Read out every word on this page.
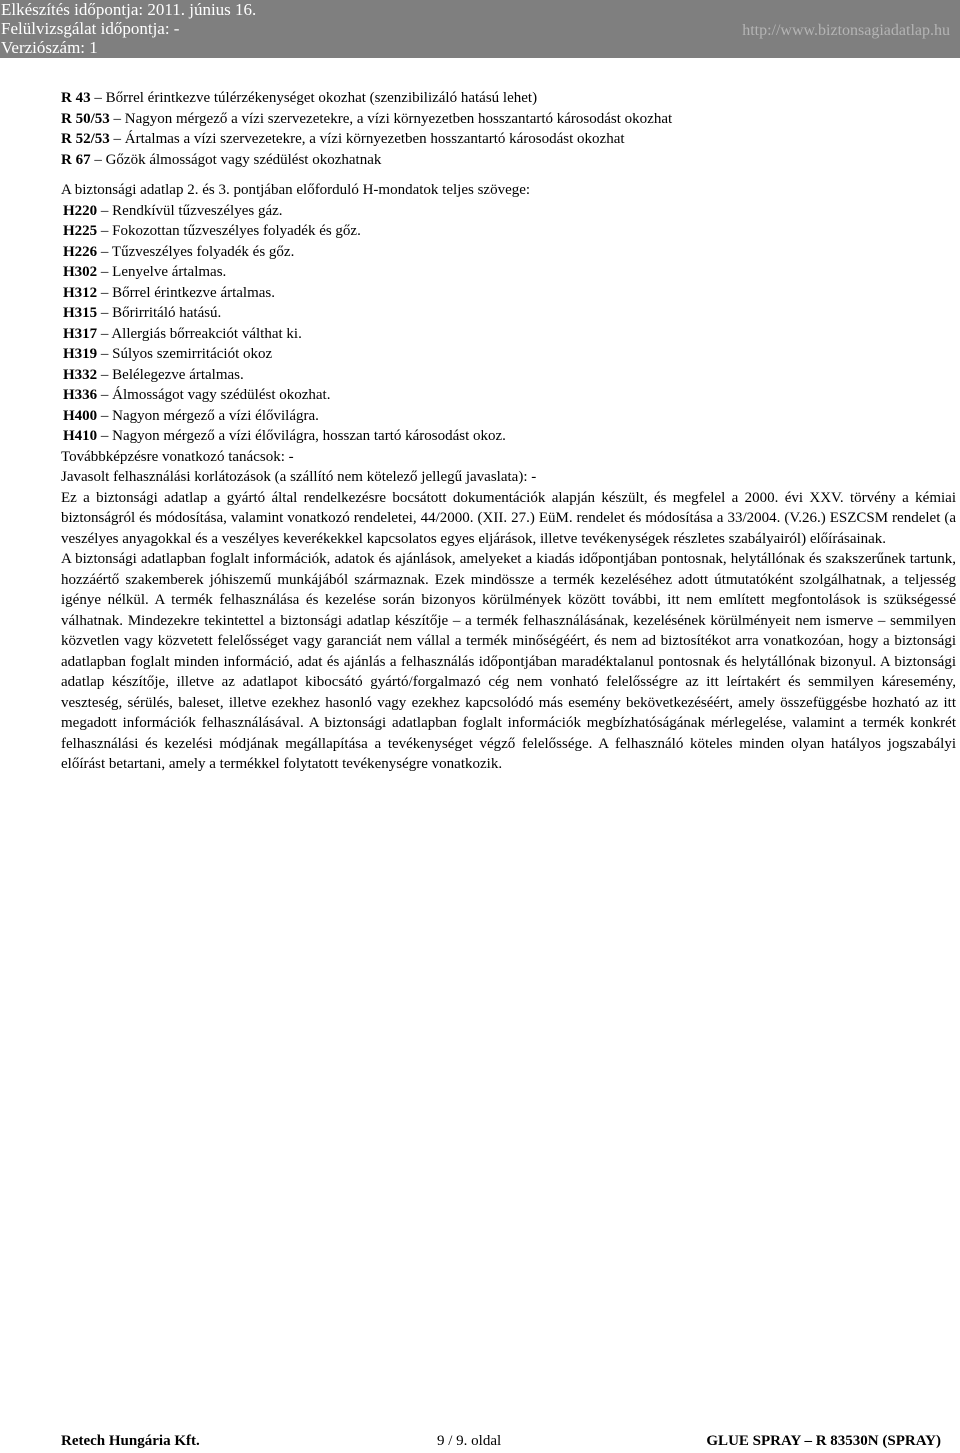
Elkészítés időpontja: 2011. június 16.
Felülvizsgálat időpontja: -
Verziószám: 1
http://www.biztonsagiadatlap.hu
R 43 – Bőrrel érintkezve túlérzékenységet okozhat (szenzibilizáló hatású lehet)
R 50/53 – Nagyon mérgező a vízi szervezetekre, a vízi környezetben hosszantartó károsodást okozhat
R 52/53 – Ártalmas a vízi szervezetekre, a vízi környezetben hosszantartó károsodást okozhat
R 67 – Gőzök álmosságot vagy szédülést okozhatnak
A biztonsági adatlap 2. és 3. pontjában előforduló H-mondatok teljes szövege:
H220 – Rendkívül tűzveszélyes gáz.
H225 – Fokozottan tűzveszélyes folyadék és gőz.
H226 – Tűzveszélyes folyadék és gőz.
H302 – Lenyelve ártalmas.
H312 – Bőrrel érintkezve ártalmas.
H315 – Bőrirritáló hatású.
H317 – Allergiás bőrreakciót válthat ki.
H319 – Súlyos szemirritációt okoz
H332 – Belélegezve ártalmas.
H336 – Álmosságot vagy szédülést okozhat.
H400 – Nagyon mérgező a vízi élővilágra.
H410 – Nagyon mérgező a vízi élővilágra, hosszan tartó károsodást okoz.
Továbbképzésre vonatkozó tanácsok: -
Javasolt felhasználási korlátozások (a szállító nem kötelező jellegű javaslata): -

Ez a biztonsági adatlap a gyártó által rendelkezésre bocsátott dokumentációk alapján készült, és megfelel a 2000. évi XXV. törvény a kémiai biztonságról és módosítása, valamint vonatkozó rendeletei, 44/2000. (XII. 27.) EüM. rendelet és módosítása a 33/2004. (V.26.) ESZCSM rendelet (a veszélyes anyagokkal és a veszélyes keverékekkel kapcsolatos egyes eljárások, illetve tevékenységek részletes szabályairól) előírásainak.

A biztonsági adatlapban foglalt információk, adatok és ajánlások, amelyeket a kiadás időpontjában pontosnak, helytállónak és szakszerűnek tartunk, hozzáértő szakemberek jóhiszemű munkájából származnak. Ezek mindössze a termék kezeléséhez adott útmutatóként szolgálhatnak, a teljesség igénye nélkül. A termék felhasználása és kezelése során bizonyos körülmények között további, itt nem említett megfontolások is szükségessé válhatnak. Mindezekre tekintettel a biztonsági adatlap készítője – a termék felhasználásának, kezelésének körülményeit nem ismerve – semmilyen közvetlen vagy közvetett felelősséget vagy garanciát nem vállal a termék minőségéért, és nem ad biztosítékot arra vonatkozóan, hogy a biztonsági adatlapban foglalt minden információ, adat és ajánlás a felhasználás időpontjában maradéktalanul pontosnak és helytállónak bizonyul. A biztonsági adatlap készítője, illetve az adatlapot kibocsátó gyártó/forgalmazó cég nem vonható felelősségre az itt leírtakért és semmilyen káresemény, veszteség, sérülés, baleset, illetve ezekhez hasonló vagy ezekhez kapcsolódó más esemény bekövetkezéséért, amely összefüggésbe hozható az itt megadott információk felhasználásával. A biztonsági adatlapban foglalt információk megbízhatóságának mérlegelése, valamint a termék konkrét felhasználási és kezelési módjának megállapítása a tevékenységet végző felelőssége. A felhasználó köteles minden olyan hatályos jogszabályi előírást betartani, amely a termékkel folytatott tevékenységre vonatkozik.

Retech Hungária Kft.	9 / 9. oldal	GLUE SPRAY – R 83530N (SPRAY)
